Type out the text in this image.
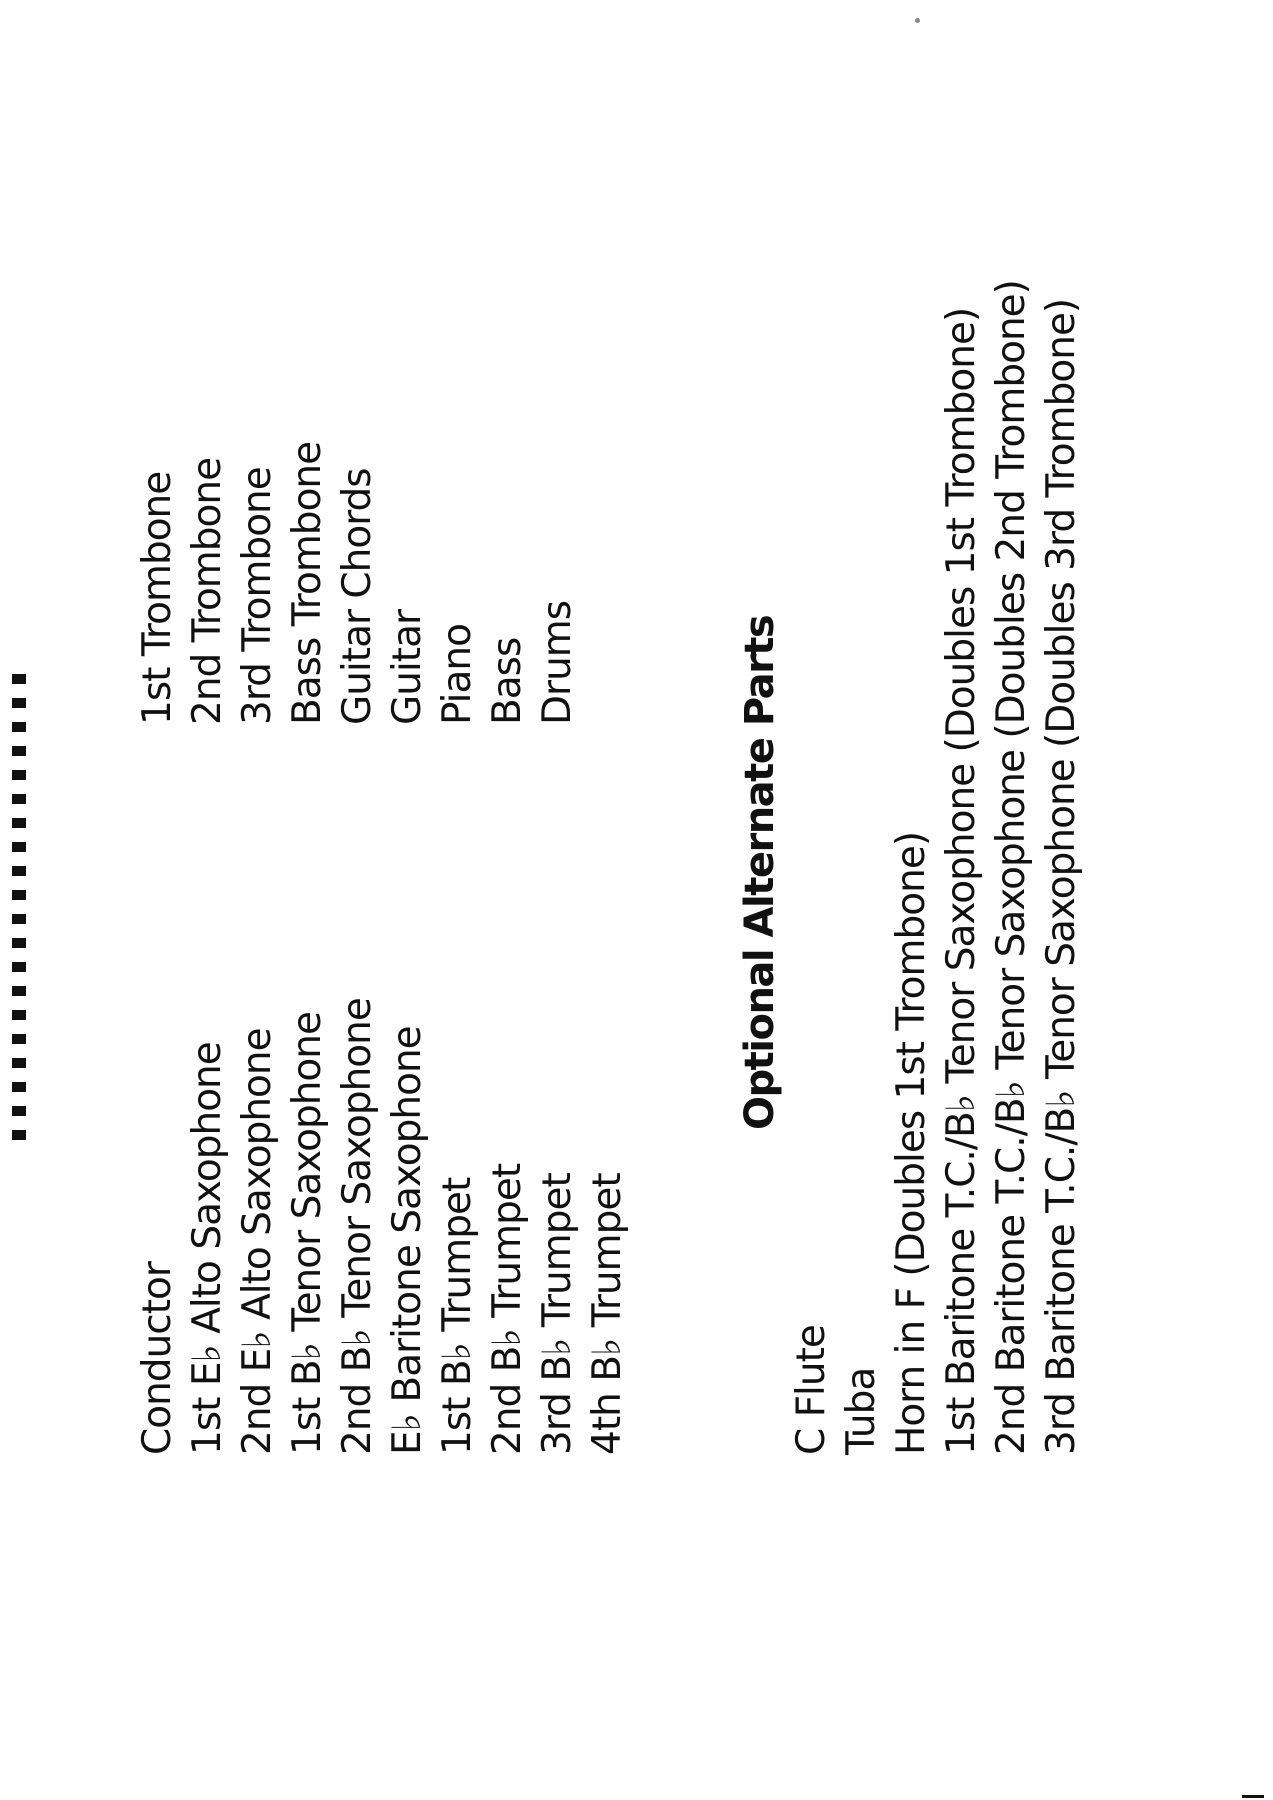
Conductor 1st E♭ Alto Saxophone 2nd E♭ Alto Saxophone 1st B♭ Tenor Saxophone 2nd B♭ Tenor Saxophone E♭ Baritone Saxophone 1st B♭ Trumpet 2nd B♭ Trumpet 3rd B♭ Trumpet 4th B♭ Trumpet
1st Trombone 2nd Trombone 3rd Trombone Bass Trombone Guitar Chords Guitar Piano Bass Drums	Optional Alternate Parts
C Flute Tuba Horn in F (Doubles 1st Trombone) 1st Baritone T.C./B♭ Tenor Saxophone (Doubles 1st Trombone) 2nd Baritone T.C./B♭ Tenor Saxophone (Doubles 2nd Trombone) 3rd Baritone T.C./B♭ Tenor Saxophone (Doubles 3rd Trombone)
